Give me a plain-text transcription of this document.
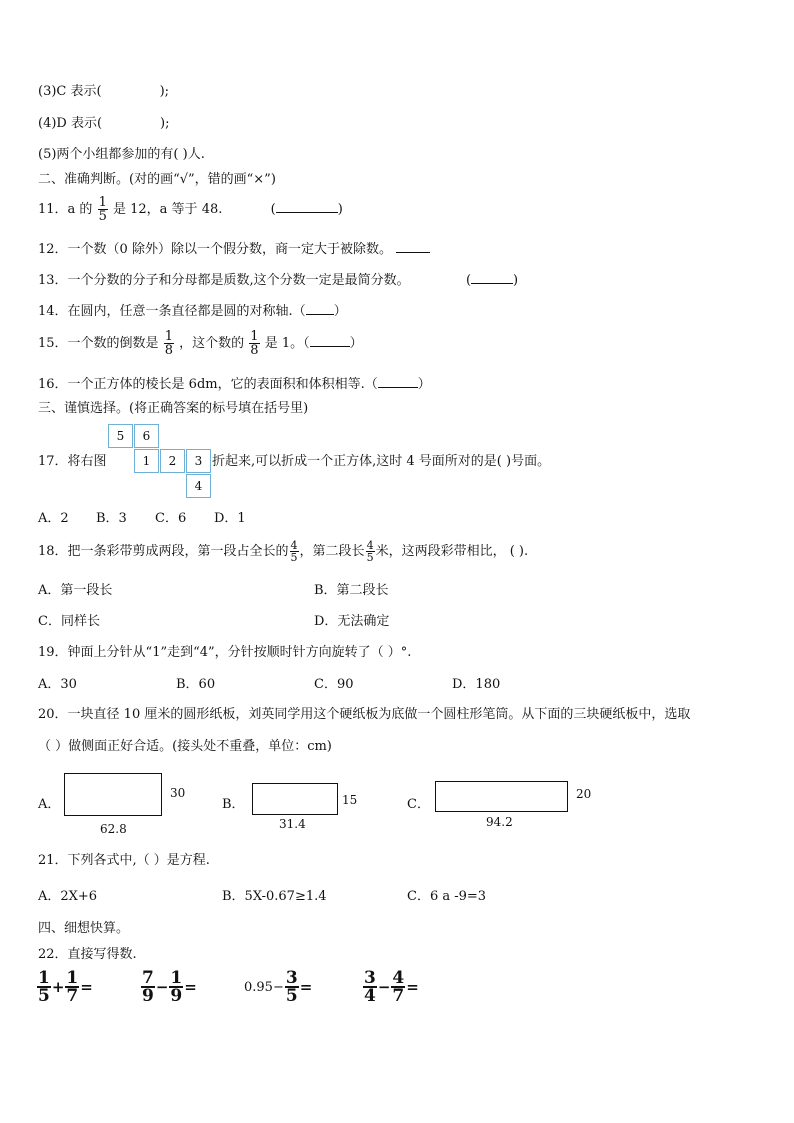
(3)C 表示(	);
(4)D 表示(	);
(5)两个小组都参加的有( )人.
二、准确判断。(对的画“√”，错的画“×”)
11．a 的 $\frac{1}{5}$ 是 12，a 等于 48.	(	)
12．一个数（0 除外）除以一个假分数，商一定大于被除数。
13．一个分数的分子和分母都是质数,这个分数一定是最简分数。	(	)
14．在圆内，任意一条直径都是圆的对称轴.（ ）
15．一个数的倒数是 $\frac{1}{8}$ ，这个数的 $\frac{1}{8}$ 是 1。（	）
16．一个正方体的棱长是 6dm，它的表面积和体积相等.（	）
三、谨慎选择。(将正确答案的标号填在括号里)
5	6
1	2	3
4
17．将右图	折起来,可以折成一个正方体,这时 4 号面所对的是( )号面。
A．2 B．3 C．6 D．1
18．把一条彩带剪成两段，第一段占全长的 $\frac{4}{5}$ ，第二段长 $\frac{4}{5}$ 米，这两段彩带相比， ( ).
A．第一段长	B．第二段长
C．同样长	D．无法确定
19．钟面上分针从“1”走到“4”，分针按顺时针方向旋转了（ ）°.
A．30	B．60	C．90	D．180
20．一块直径 10 厘米的圆形纸板，刘英同学用这个硬纸板为底做一个圆柱形笔筒。从下面的三块硬纸板中，选取
（ ）做侧面正好合适。(接头处不重叠，单位：cm)
A．
30
62.8
B．	15
31.4
C．
20
94.2
21．下列各式中,（ ）是方程.
A．2X+6	B．5X-0.67≥1.4	C．6 a -9=3
四、细想快算。
22．直接写得数.
$\frac{1}{5} + \frac{1}{7}$ =	$\frac{7}{9} - \frac{1}{9}$ =	$0.95- \frac{3}{5}$ =	$\frac{3}{4} - \frac{4}{7}$ =
